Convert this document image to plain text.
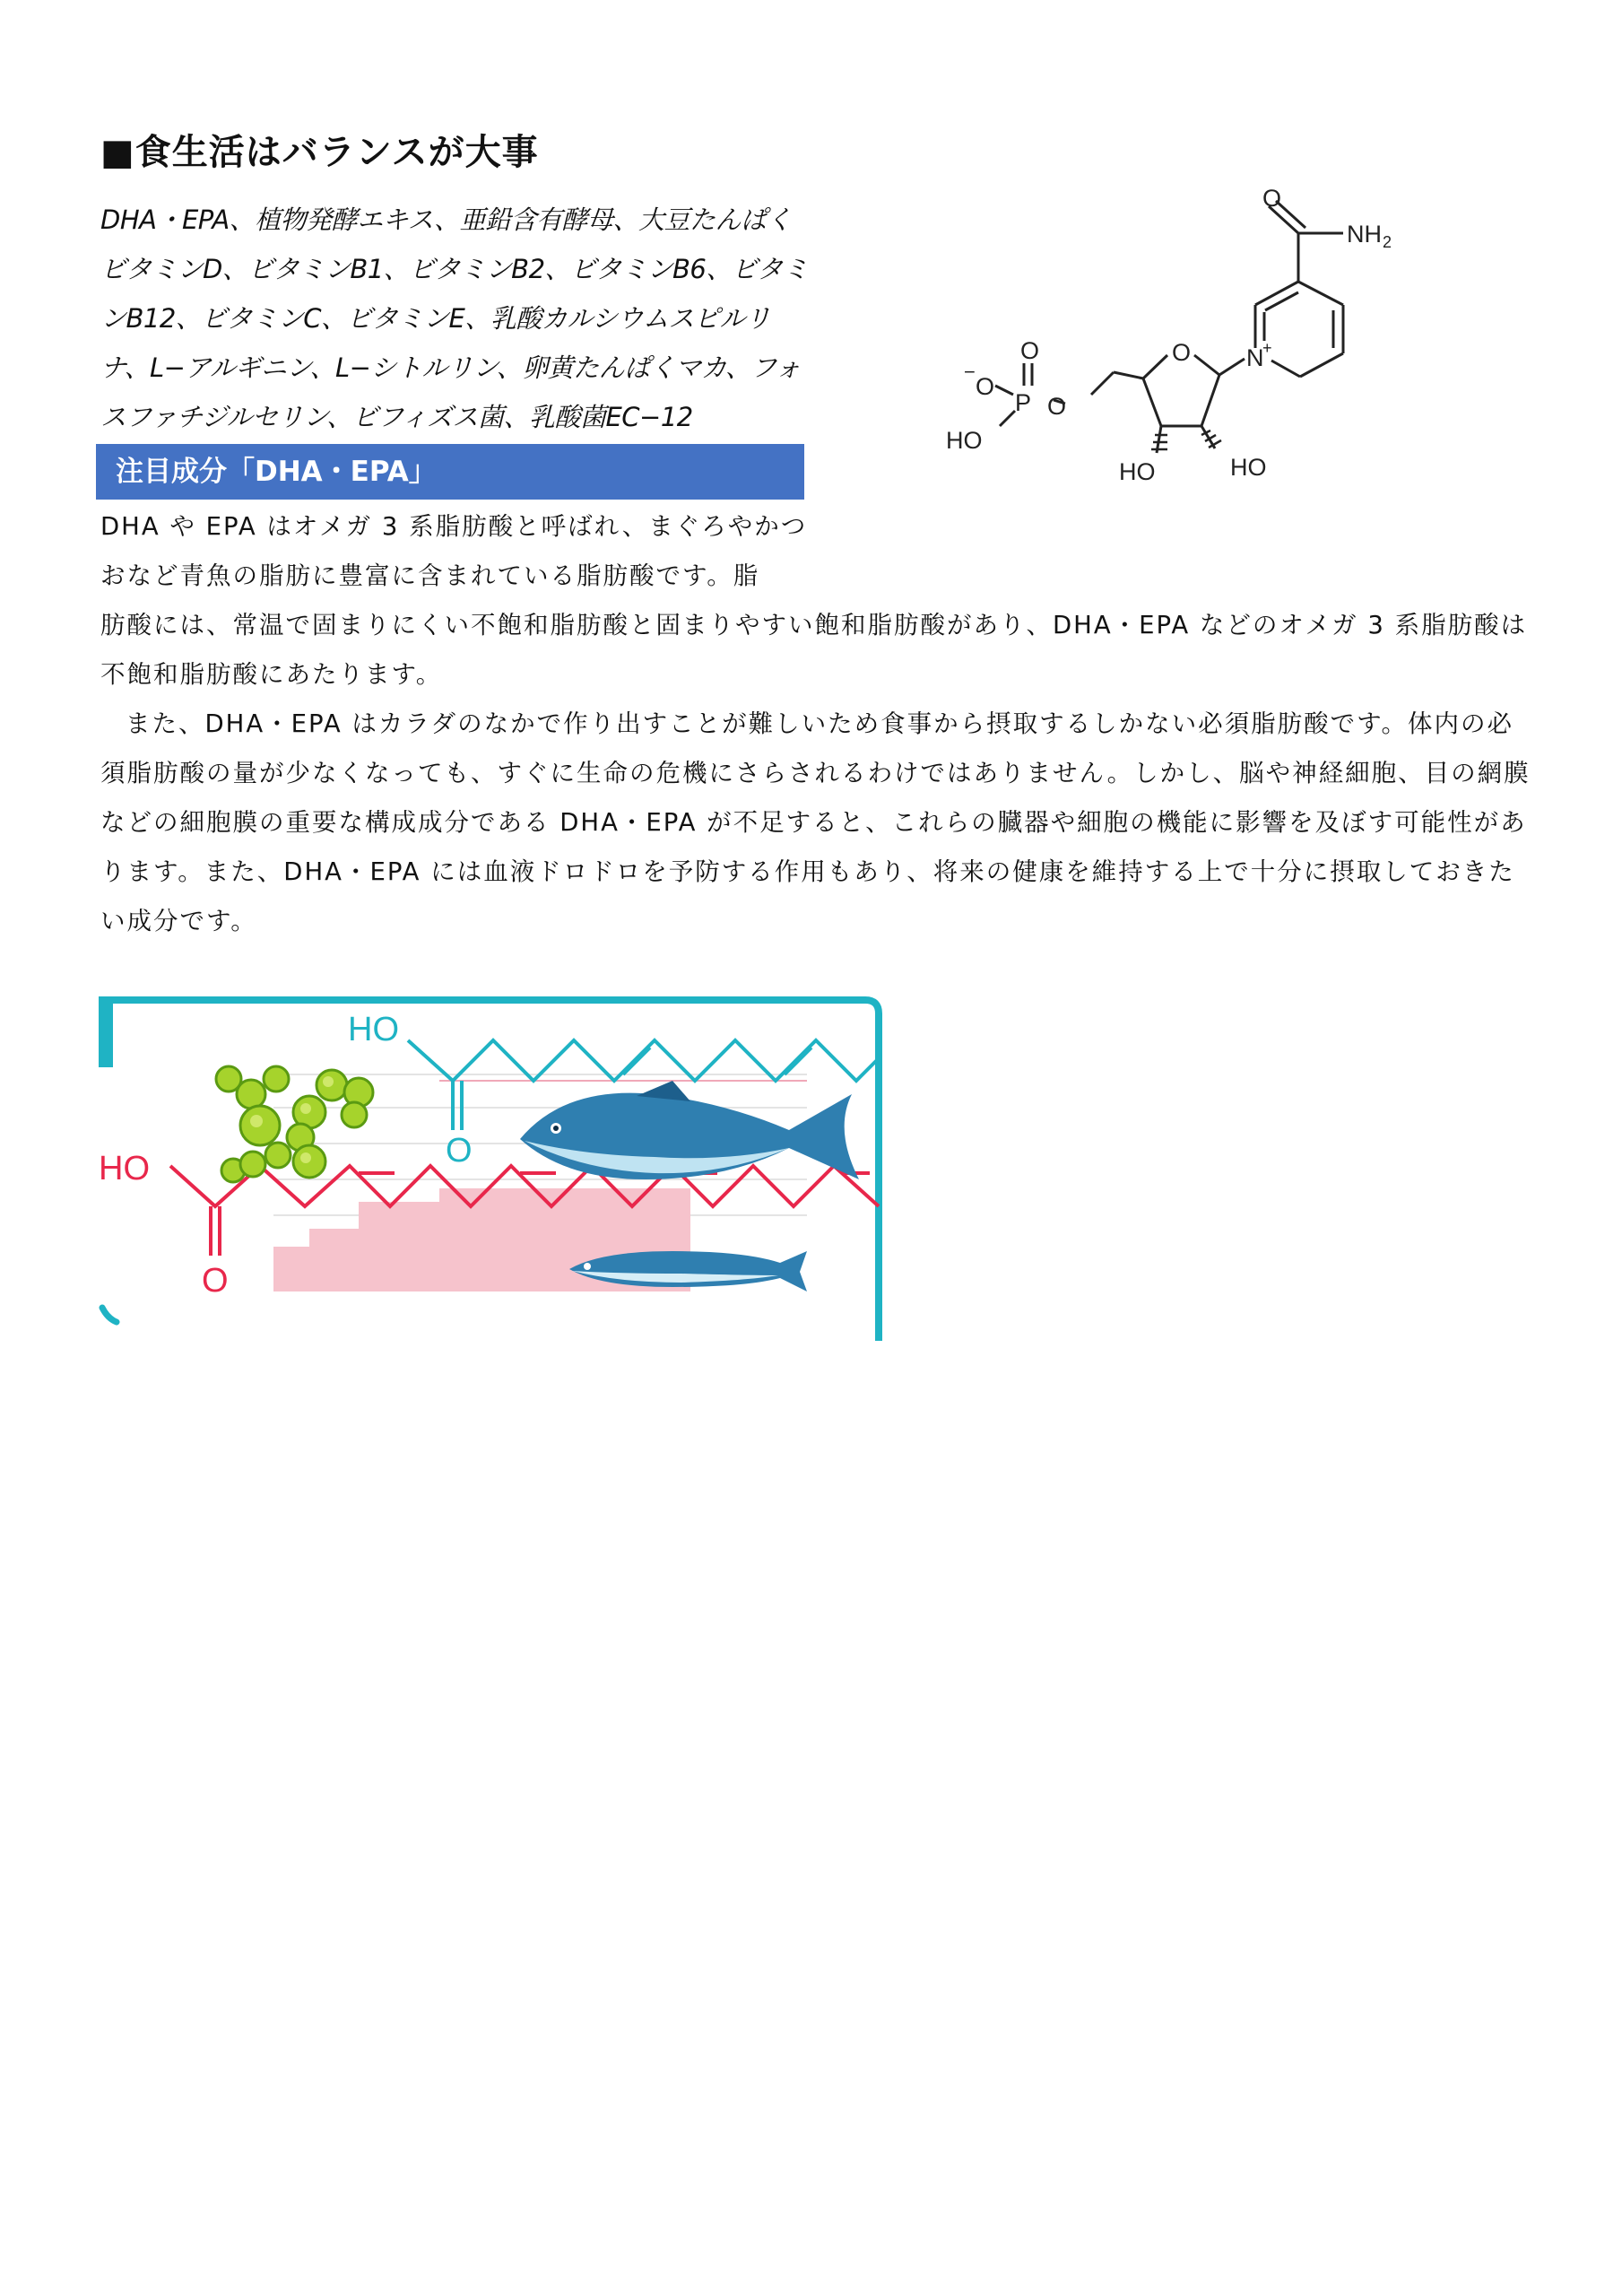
■食生活はバランスが大事
DHA・EPA、植物発酵エキス、亜鉛含有酵母、大豆たんぱくビタミンD、ビタミンB1、ビタミンB2、ビタミンB6、ビタミンB12、ビタミンC、ビタミンE、乳酸カルシウムスピルリナ、L−アルギニン、L−シトルリン、卵黄たんぱくマカ、フォスファチジルセリン、ビフィズス菌、乳酸菌EC−12
O
NH 2
N
+
O
O
O
−
P O
HO
HO	HO
注目成分「DHA・EPA」

DHA や EPA はオメガ 3 系脂肪酸と呼ばれ、まぐろやかつおなど青魚の脂肪に豊富に含まれている脂肪酸です。脂

肪酸には、常温で固まりにくい不飽和脂肪酸と固まりやすい飽和脂肪酸があり、DHA・EPA などのオメガ 3 系脂肪酸は不飽和脂肪酸にあたります。

また、DHA・EPA はカラダのなかで作り出すことが難しいため食事から摂取するしかない必須脂肪酸です。体内の必須脂肪酸の量が少なくなっても、すぐに生命の危機にさらされるわけではありません。しかし、脳や神経細胞、目の網膜などの細胞膜の重要な構成成分である DHA・EPA が不足すると、これらの臓器や細胞の機能に影響を及ぼす可能性があります。また、DHA・EPA には血液ドロドロを予防する作用もあり、将来の健康を維持する上で十分に摂取しておきたい成分です。

HO
O
HO
O
